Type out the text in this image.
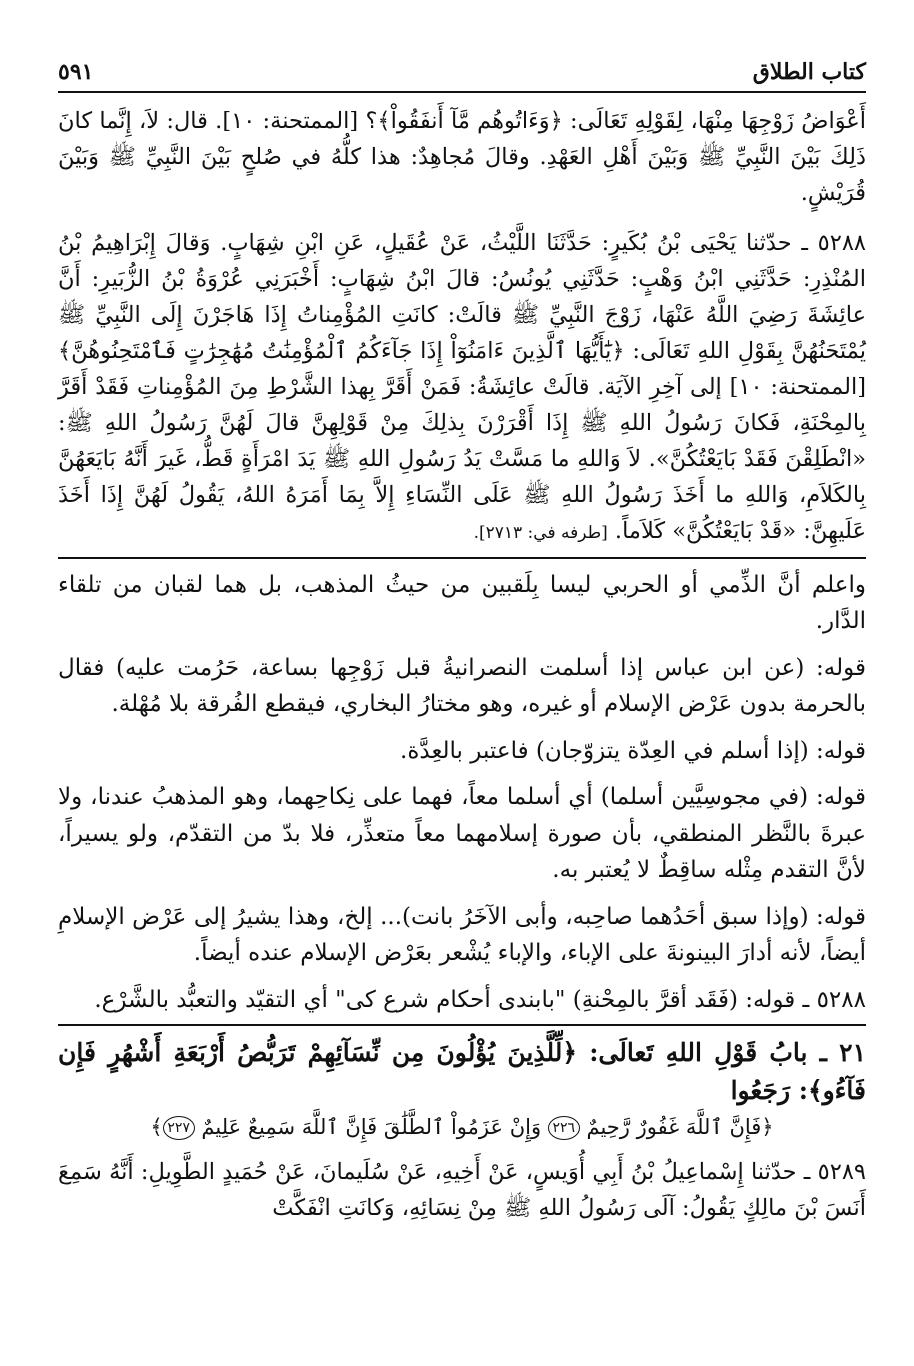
كتاب الطلاق
٥٩١

أَعْوَاضُ زَوْجِهَا مِنْهَا، لِقَوْلِهِ تَعَالَى: ﴿وَءَاتُوهُم مَّآ أَنفَقُواْ﴾؟ [الممتحنة: ١٠]. قال: لاَ، إِنَّما كانَ ذَلِكَ بَيْنَ النَّبِيِّ ﷺ وَبَيْنَ أَهْلِ العَهْدِ. وقالَ مُجاهِدٌ: هذا كلُّهُ في صُلحٍ بَيْنَ النَّبِيِّ ﷺ وَبَيْنَ قُرَيْشٍ.

٥٢٨٨ ـ حدّثنا يَحْيَى بْنُ بُكَيرٍ: حَدَّثَنَا اللَّيْثُ، عَنْ عُقَيلٍ، عَنِ ابْنِ شِهَابٍ. وَقالَ إِبْرَاهِيمُ بْنُ المُنْذِرِ: حَدَّثَنِي ابْنُ وَهْبٍ: حَدَّثَنِي يُونُسُ: قالَ ابْنُ شِهَابٍ: أَخْبَرَنِي عُرْوَةُ بْنُ الزُّبَيرِ: أَنَّ عائِشَةَ رَضِيَ اللَّهُ عَنْهَا، زَوْجَ النَّبِيِّ ﷺ قالَتْ: كانَتِ المُؤْمِناتُ إِذَا هَاجَرْنَ إِلَى النَّبِيِّ ﷺ يُمْتَحَنُهُنَّ بِقَوْلِ اللهِ تَعَالَى: ﴿يَٰٓأَيُّهَا ٱلَّذِينَ ءَامَنُوٓاْ إِذَا جَآءَكُمُ ٱلْمُؤْمِنَٰتُ مُهَٰجِرَٰتٍ فَٱمْتَحِنُوهُنَّ﴾ [الممتحنة: ١٠] إلى آخِرِ الآيَة. قالَتْ عائِشَةُ: فَمَنْ أَقَرَّ بِهذا الشَّرْطِ مِنَ المُؤْمِناتِ فَقَدْ أَقَرَّ بِالمِحْنَةِ، فَكانَ رَسُولُ اللهِ ﷺ إِذَا أَقْرَرْنَ بِذلِكَ مِنْ قَوْلِهِنَّ قالَ لَهُنَّ رَسُولُ اللهِ ﷺ: «انْطَلِقْنَ فَقَدْ بَايَعْتُكُنَّ». لاَ وَاللهِ ما مَسَّتْ يَدُ رَسُولِ اللهِ ﷺ يَدَ امْرَأَةٍ قَطُّ، غَيرَ أَنَّهُ بَايَعَهُنَّ بِالكَلاَمِ، وَاللهِ ما أَخَذَ رَسُولُ اللهِ ﷺ عَلَى النِّسَاءِ إِلاَّ بِمَا أَمَرَهُ اللهُ، يَقُولُ لَهُنَّ إِذَا أَخَذَ عَلَيهِنَّ: «قَدْ بَايَعْتُكُنَّ» كَلاَماً. [طرفه في: ٢٧١٣].

واعلم أنَّ الذِّمي أو الحربي ليسا بِلَقبين من حيثُ المذهب، بل هما لقبان من تلقاء الدَّار.

قوله: (عن ابن عباس إذا أسلمت النصرانيةُ قبل زَوْجِها بساعة، حَرُمت عليه) فقال بالحرمة بدون عَرْض الإسلام أو غيره، وهو مختارُ البخاري، فيقطع الفُرقة بلا مُهْلة.

قوله: (إذا أسلم في العِدّة يتزوّجان) فاعتبر بالعِدَّة.

قوله: (في مجوسِيَّين أسلما) أي أسلما معاً، فهما على نِكاحِهما، وهو المذهبُ عندنا، ولا عبرةَ بالنَّظر المنطقي، بأن صورة إسلامهما معاً متعذِّر، فلا بدّ من التقدّم، ولو يسيراً، لأنَّ التقدم مِثْله ساقِطٌ لا يُعتبر به.

قوله: (وإذا سبق أحَدُهما صاحِبه، وأبى الآخَرُ بانت)... إلخ، وهذا يشيرُ إلى عَرْض الإسلامِ أيضاً، لأنه أدارَ البينونةَ على الإباء، والإباء يُشْعر بعَرْض الإسلام عنده أيضاً.

٥٢٨٨ ـ قوله: (فَقَد أقرَّ بالمِحْنةِ) "بابندى أحكام شرع كى" أي التقيّد والتعبُّد بالشَّرْع.

٢١ ـ بابُ قَوْلِ اللهِ تَعالَى: ﴿لِّلَّذِينَ يُؤْلُونَ مِن نِّسَآئِهِمْ تَرَبُّصُ أَرْبَعَةِ أَشْهُرٍ فَإِن فَآءُو﴾: رَجَعُوا

﴿فَإِنَّ ٱللَّهَ غَفُورٌ رَّحِيمٌ ٢٢٦ وَإِنْ عَزَمُواْ ٱلطَّلَٰقَ فَإِنَّ ٱللَّهَ سَمِيعٌ عَلِيمٌ ٢٢٧﴾

٥٢٨٩ ـ حدّثنا إِسْماعِيلُ بْنُ أَبِي أُوَيسٍ، عَنْ أَخِيهِ، عَنْ سُلَيمانَ، عَنْ حُمَيدٍ الطَّوِيلِ: أَنَّهُ سَمِعَ أَنَسَ بْنَ مالِكٍ يَقُولُ: آلَى رَسُولُ اللهِ ﷺ مِنْ نِسَائِهِ، وَكانَتِ انْفَكَّتْ
